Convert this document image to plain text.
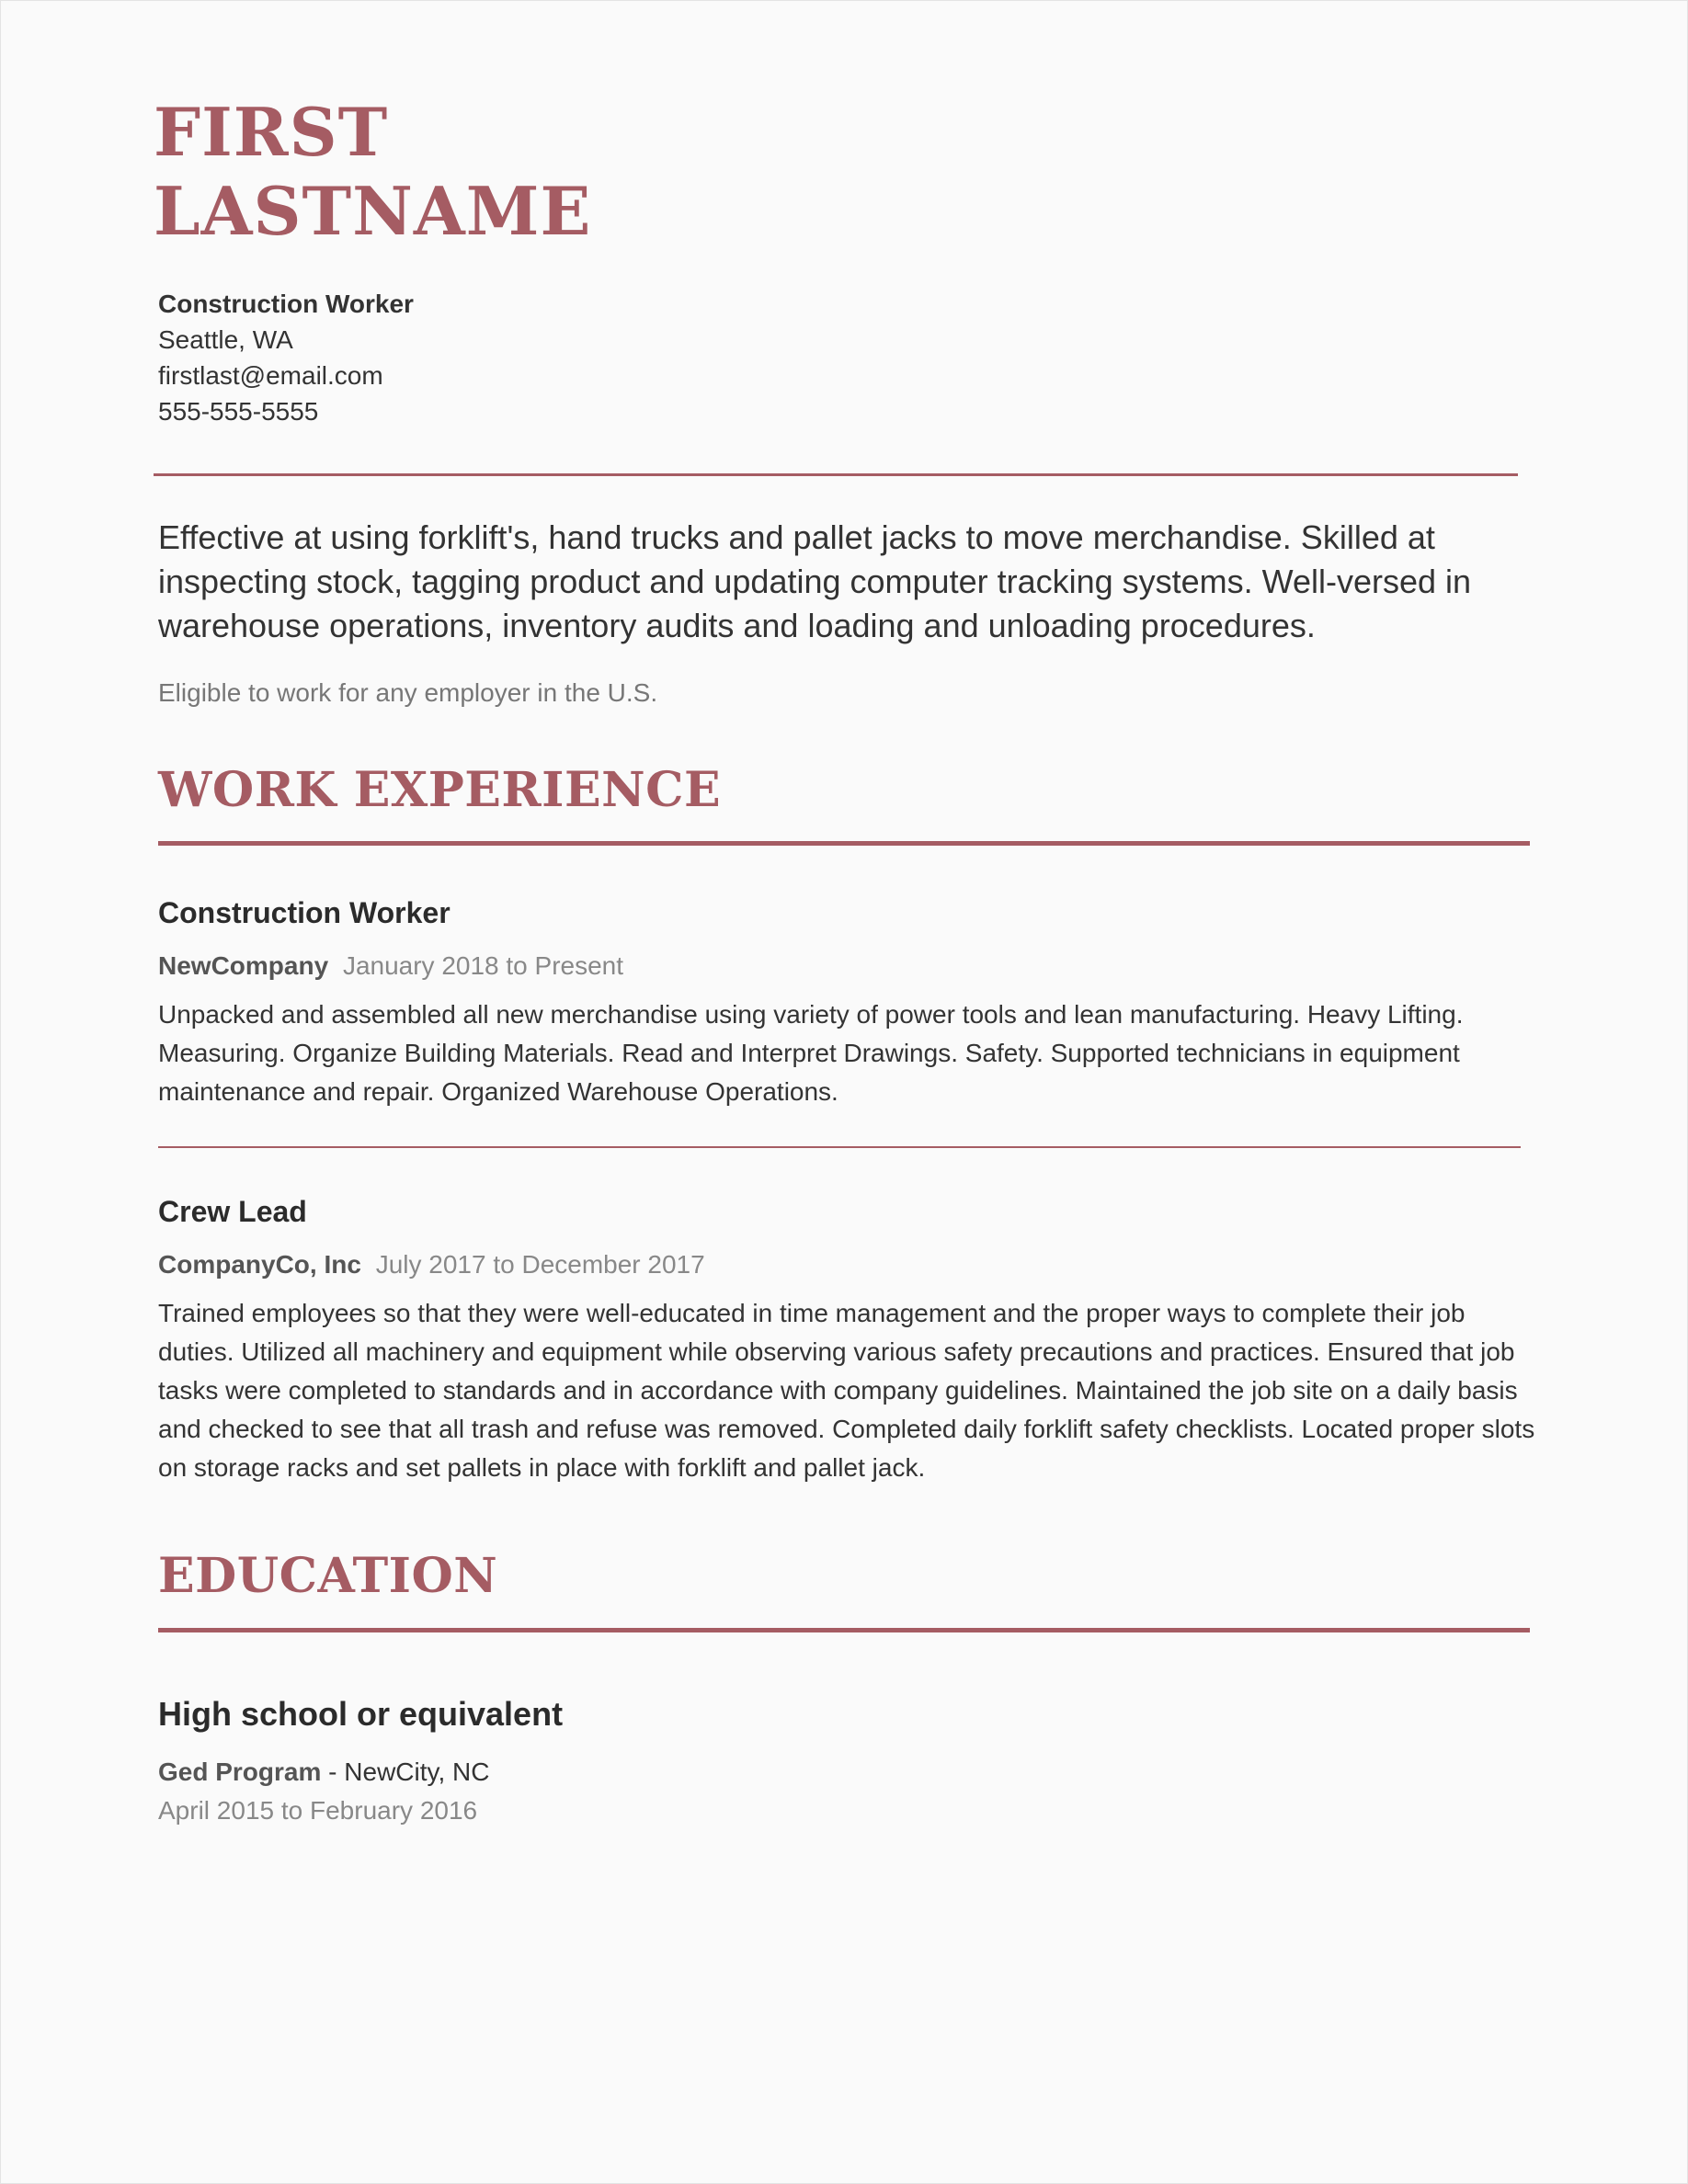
FIRST
LASTNAME
Construction Worker
Seattle, WA
firstlast@email.com
555-555-5555

Effective at using forklift's, hand trucks and pallet jacks to move merchandise. Skilled at inspecting stock, tagging product and updating computer tracking systems. Well-versed in warehouse operations, inventory audits and loading and unloading procedures.

Eligible to work for any employer in the U.S.

WORK EXPERIENCE
Construction Worker

NewCompany January 2018 to Present

Unpacked and assembled all new merchandise using variety of power tools and lean manufacturing. Heavy Lifting. Measuring. Organize Building Materials. Read and Interpret Drawings. Safety. Supported technicians in equipment maintenance and repair. Organized Warehouse Operations.

Crew Lead

CompanyCo, Inc July 2017 to December 2017

Trained employees so that they were well-educated in time management and the proper ways to complete their job duties. Utilized all machinery and equipment while observing various safety precautions and practices. Ensured that job tasks were completed to standards and in accordance with company guidelines. Maintained the job site on a daily basis and checked to see that all trash and refuse was removed. Completed daily forklift safety checklists. Located proper slots on storage racks and set pallets in place with forklift and pallet jack.

EDUCATION

High school or equivalent

Ged Program - NewCity, NC

April 2015 to February 2016
